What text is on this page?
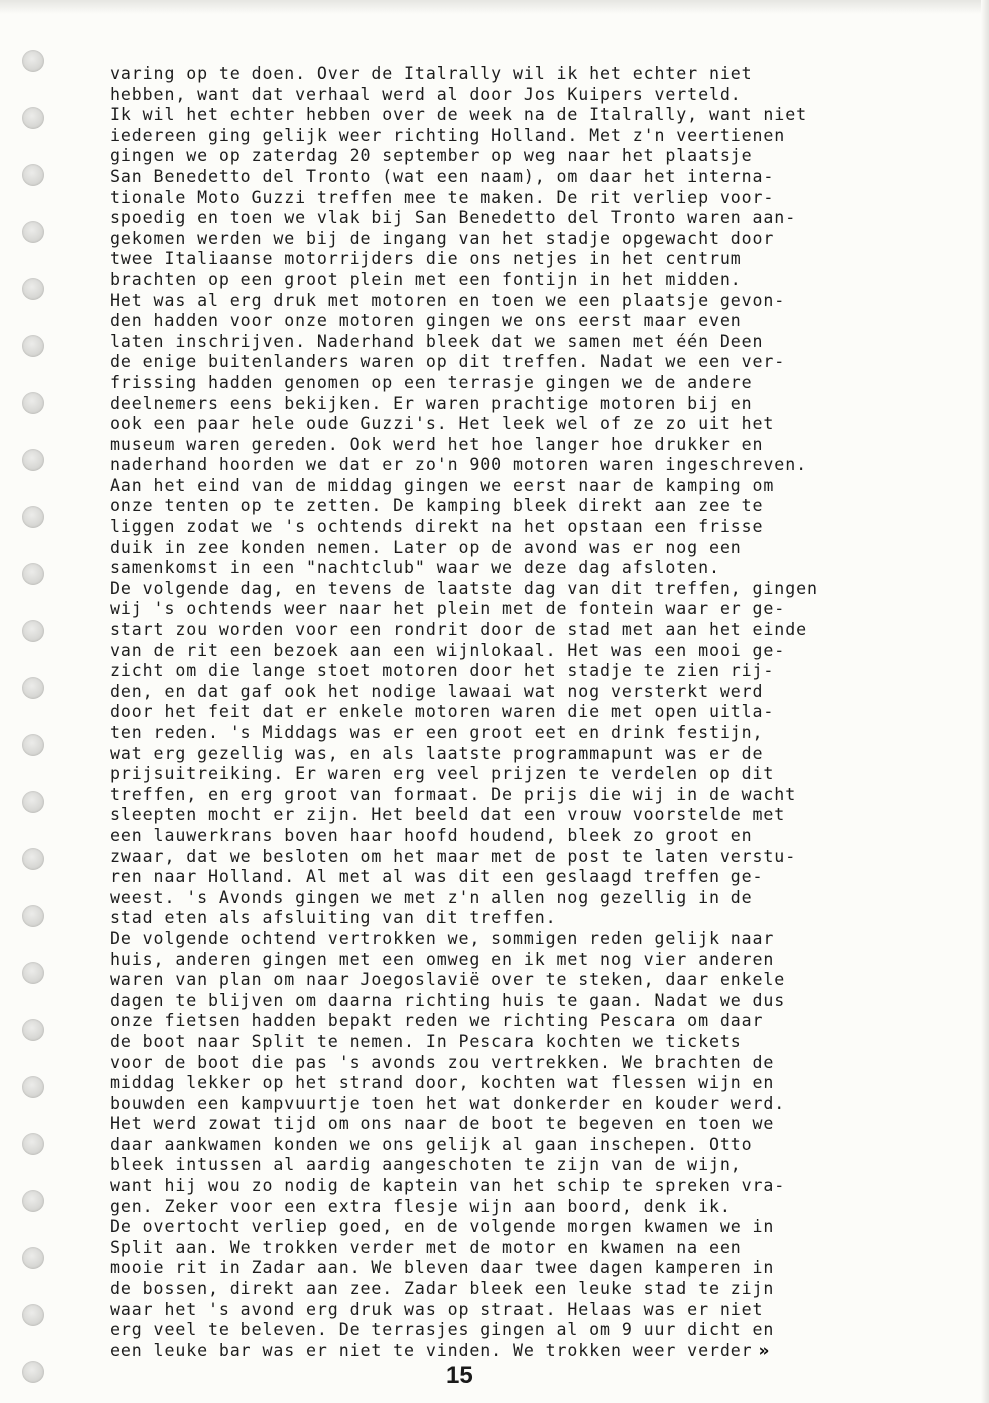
varing op te doen. Over de Italrally wil ik het echter niet
hebben, want dat verhaal werd al door Jos Kuipers verteld.
Ik wil het echter hebben over de week na de Italrally, want niet
iedereen ging gelijk weer richting Holland. Met z'n veertienen
gingen we op zaterdag 20 september op weg naar het plaatsje
San Benedetto del Tronto (wat een naam), om daar het interna-
tionale Moto Guzzi treffen mee te maken. De rit verliep voor-
spoedig en toen we vlak bij San Benedetto del Tronto waren aan-
gekomen werden we bij de ingang van het stadje opgewacht door
twee Italiaanse motorrijders die ons netjes in het centrum
brachten op een groot plein met een fontijn in het midden.
Het was al erg druk met motoren en toen we een plaatsje gevon-
den hadden voor onze motoren gingen we ons eerst maar even
laten inschrijven. Naderhand bleek dat we samen met één Deen
de enige buitenlanders waren op dit treffen. Nadat we een ver-
frissing hadden genomen op een terrasje gingen we de andere
deelnemers eens bekijken. Er waren prachtige motoren bij en
ook een paar hele oude Guzzi's. Het leek wel of ze zo uit het
museum waren gereden. Ook werd het hoe langer hoe drukker en
naderhand hoorden we dat er zo'n 900 motoren waren ingeschreven.
Aan het eind van de middag gingen we eerst naar de kamping om
onze tenten op te zetten. De kamping bleek direkt aan zee te
liggen zodat we 's ochtends direkt na het opstaan een frisse
duik in zee konden nemen. Later op de avond was er nog een
samenkomst in een "nachtclub" waar we deze dag afsloten.
De volgende dag, en tevens de laatste dag van dit treffen, gingen
wij 's ochtends weer naar het plein met de fontein waar er ge-
start zou worden voor een rondrit door de stad met aan het einde
van de rit een bezoek aan een wijnlokaal. Het was een mooi ge-
zicht om die lange stoet motoren door het stadje te zien rij-
den, en dat gaf ook het nodige lawaai wat nog versterkt werd
door het feit dat er enkele motoren waren die met open uitla-
ten reden. 's Middags was er een groot eet en drink festijn,
wat erg gezellig was, en als laatste programmapunt was er de
prijsuitreiking. Er waren erg veel prijzen te verdelen op dit
treffen, en erg groot van formaat. De prijs die wij in de wacht
sleepten mocht er zijn. Het beeld dat een vrouw voorstelde met
een lauwerkrans boven haar hoofd houdend, bleek zo groot en
zwaar, dat we besloten om het maar met de post te laten verstu-
ren naar Holland. Al met al was dit een geslaagd treffen ge-
weest. 's Avonds gingen we met z'n allen nog gezellig in de
stad eten als afsluiting van dit treffen.
De volgende ochtend vertrokken we, sommigen reden gelijk naar
huis, anderen gingen met een omweg en ik met nog vier anderen
waren van plan om naar Joegoslavië over te steken, daar enkele
dagen te blijven om daarna richting huis te gaan. Nadat we dus
onze fietsen hadden bepakt reden we richting Pescara om daar
de boot naar Split te nemen. In Pescara kochten we tickets
voor de boot die pas 's avonds zou vertrekken. We brachten de
middag lekker op het strand door, kochten wat flessen wijn en
bouwden een kampvuurtje toen het wat donkerder en kouder werd.
Het werd zowat tijd om ons naar de boot te begeven en toen we
daar aankwamen konden we ons gelijk al gaan inschepen. Otto
bleek intussen al aardig aangeschoten te zijn van de wijn,
want hij wou zo nodig de kaptein van het schip te spreken vra-
gen. Zeker voor een extra flesje wijn aan boord, denk ik.
De overtocht verliep goed, en de volgende morgen kwamen we in
Split aan. We trokken verder met de motor en kwamen na een
mooie rit in Zadar aan. We bleven daar twee dagen kamperen in
de bossen, direkt aan zee. Zadar bleek een leuke stad te zijn
waar het 's avond erg druk was op straat. Helaas was er niet
erg veel te beleven. De terrasjes gingen al om 9 uur dicht en
een leuke bar was er niet te vinden. We trokken weer verder »
15
